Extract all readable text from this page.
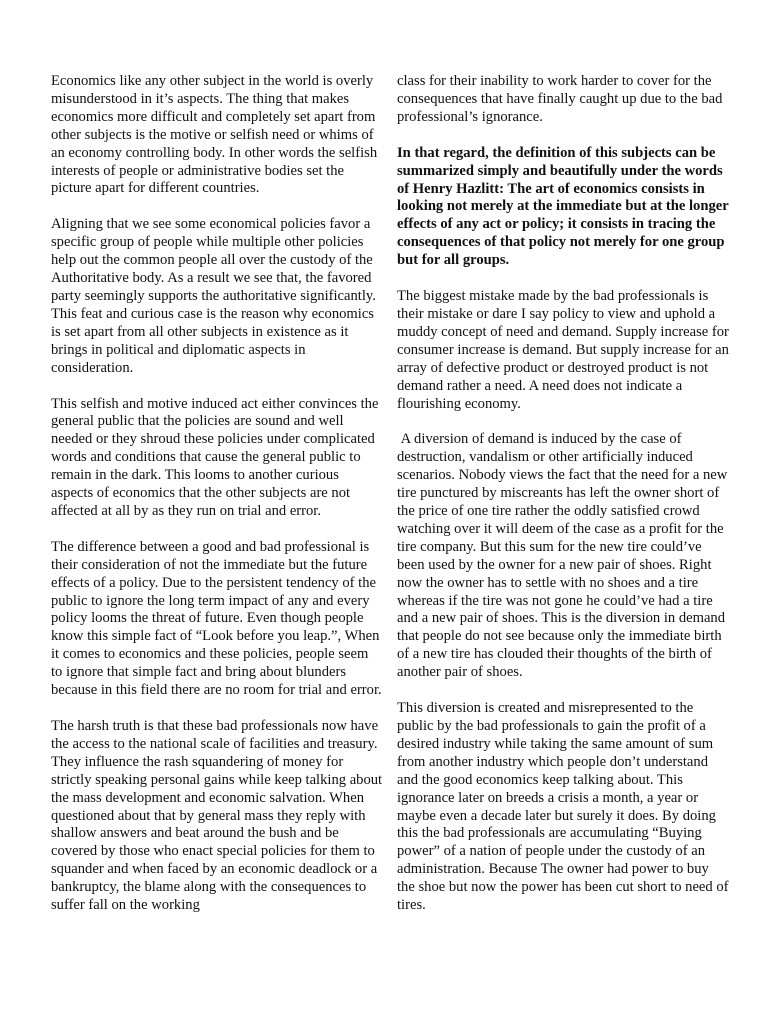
Economics like any other subject in the world is overly misunderstood in it’s aspects. The thing that makes economics more difficult and completely set apart from other subjects is the motive or selfish need or whims of an economy controlling body. In other words the selfish interests of people or administrative bodies set the picture apart for different countries.

Aligning that we see some economical policies favor a specific group of people while multiple other policies help out the common people all over the custody of the Authoritative body. As a result we see that, the favored party seemingly supports the authoritative significantly. This feat and curious case is the reason why economics is set apart from all other subjects in existence as it brings in political and diplomatic aspects in consideration.

This selfish and motive induced act either convinces the general public that the policies are sound and well needed or they shroud these policies under complicated words and conditions that cause the general public to remain in the dark. This looms to another curious aspects of economics that the other subjects are not affected at all by as they run on trial and error.

The difference between a good and bad professional is their consideration of not the immediate but the future effects of a policy. Due to the persistent tendency of the public to ignore the long term impact of any and every policy looms the threat of future. Even though people know this simple fact of “Look before you leap.”, When it comes to economics and these policies, people seem to ignore that simple fact and bring about blunders because in this field there are no room for trial and error.

The harsh truth is that these bad professionals now have the access to the national scale of facilities and treasury. They influence the rash squandering of money for strictly speaking personal gains while keep talking about the mass development and economic salvation. When questioned about that by general mass they reply with shallow answers and beat around the bush and be covered by those who enact special policies for them to squander and when faced by an economic deadlock or a bankruptcy, the blame along with the consequences to suffer fall on the working

class for their inability to work harder to cover for the consequences that have finally caught up due to the bad professional’s ignorance.

In that regard, the definition of this subjects can be summarized simply and beautifully under the words of Henry Hazlitt: The art of economics consists in looking not merely at the immediate but at the longer effects of any act or policy; it consists in tracing the consequences of that policy not merely for one group but for all groups.

The biggest mistake made by the bad professionals is their mistake or dare I say policy to view and uphold a muddy concept of need and demand. Supply increase for consumer increase is demand. But supply increase for an array of defective product or destroyed product is not demand rather a need. A need does not indicate a flourishing economy.

A diversion of demand is induced by the case of destruction, vandalism or other artificially induced scenarios. Nobody views the fact that the need for a new tire punctured by miscreants has left the owner short of the price of one tire rather the oddly satisfied crowd watching over it will deem of the case as a profit for the tire company. But this sum for the new tire could’ve been used by the owner for a new pair of shoes. Right now the owner has to settle with no shoes and a tire whereas if the tire was not gone he could’ve had a tire and a new pair of shoes. This is the diversion in demand that people do not see because only the immediate birth of a new tire has clouded their thoughts of the birth of another pair of shoes.

This diversion is created and misrepresented to the public by the bad professionals to gain the profit of a desired industry while taking the same amount of sum from another industry which people don’t understand and the good economics keep talking about. This ignorance later on breeds a crisis a month, a year or maybe even a decade later but surely it does. By doing this the bad professionals are accumulating “Buying power” of a nation of people under the custody of an administration. Because The owner had power to buy the shoe but now the power has been cut short to need of tires.
